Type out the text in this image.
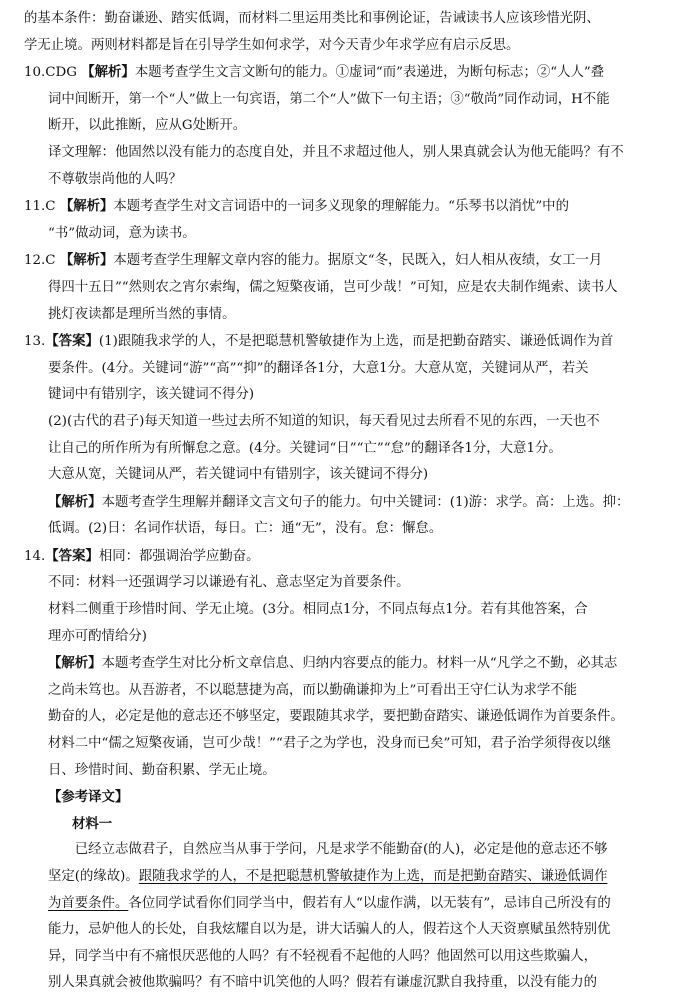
的基本条件：勤奋谦逊、踏实低调，而材料二里运用类比和事例论证，告诫读书人应该珍惜光阴、

学无止境。两则材料都是旨在引导学生如何求学，对今天青少年求学应有启示反思。

10.CDG 【解析】本题考查学生文言文断句的能力。①虚词“而”表递进，为断句标志；②“人人”叠

词中间断开，第一个“人”做上一句宾语，第二个“人”做下一句主语；③“敬尚”同作动词，H不能

断开，以此推断，应从G处断开。

译文理解：他固然以没有能力的态度自处，并且不求超过他人，别人果真就会认为他无能吗？有不

不尊敬崇尚他的人吗？

11.C 【解析】本题考查学生对文言词语中的一词多义现象的理解能力。“乐琴书以消忧”中的

“书”做动词，意为读书。

12.C 【解析】本题考查学生理解文章内容的能力。据原文“冬，民既入，妇人相从夜绩，女工一月

得四十五日”“然则农之宵尔索绹，儒之短檠夜诵，岂可少哉！”可知，应是农夫制作绳索、读书人

挑灯夜读都是理所当然的事情。

13.【答案】(1)跟随我求学的人，不是把聪慧机警敏捷作为上选，而是把勤奋踏实、谦逊低调作为首

要条件。(4分。关键词“游”“高”“抑”的翻译各1分，大意1分。大意从宽，关键词从严，若关

键词中有错别字，该关键词不得分)

(2)(古代的君子)每天知道一些过去所不知道的知识，每天看见过去所看不见的东西，一天也不

让自己的所作所为有所懈怠之意。(4分。关键词“日”“亡”“怠”的翻译各1分，大意1分。

大意从宽，关键词从严，若关键词中有错别字，该关键词不得分)

【解析】本题考查学生理解并翻译文言文句子的能力。句中关键词：(1)游：求学。高：上选。抑：

低调。(2)日：名词作状语，每日。亡：通“无”，没有。怠：懈怠。

14.【答案】相同：都强调治学应勤奋。

不同：材料一还强调学习以谦逊有礼、意志坚定为首要条件。

材料二侧重于珍惜时间、学无止境。(3分。相同点1分，不同点每点1分。若有其他答案，合

理亦可酌情给分)

【解析】本题考查学生对比分析文章信息、归纳内容要点的能力。材料一从“凡学之不勤，必其志

之尚未笃也。从吾游者，不以聪慧捷为高，而以勤确谦抑为上”可看出王守仁认为求学不能

勤奋的人，必定是他的意志还不够坚定，要跟随其求学，要把勤奋踏实、谦逊低调作为首要条件。

材料二中“儒之短檠夜诵，岂可少哉！”“君子之为学也，没身而已矣”可知，君子治学须得夜以继

日、珍惜时间、勤奋积累、学无止境。

【参考译文】

材料一

已经立志做君子，自然应当从事于学问，凡是求学不能勤奋(的人)，必定是他的意志还不够

坚定(的缘故)。跟随我求学的人，不是把聪慧机警敏捷作为上选，而是把勤奋踏实、谦逊低调作

为首要条件。各位同学试看你们同学当中，假若有人“以虚作满，以无装有”，忌讳自己所没有的

能力，忌妒他人的长处，自我炫耀自以为是，讲大话骗人的人，假若这个人天资禀赋虽然特别优

异，同学当中有不痛恨厌恶他的人吗？有不轻视看不起他的人吗？他固然可以用这些欺骗人，

别人果真就会被他欺骗吗？有不暗中讥笑他的人吗？假若有谦虚沉默自我持重，以没有能力的
